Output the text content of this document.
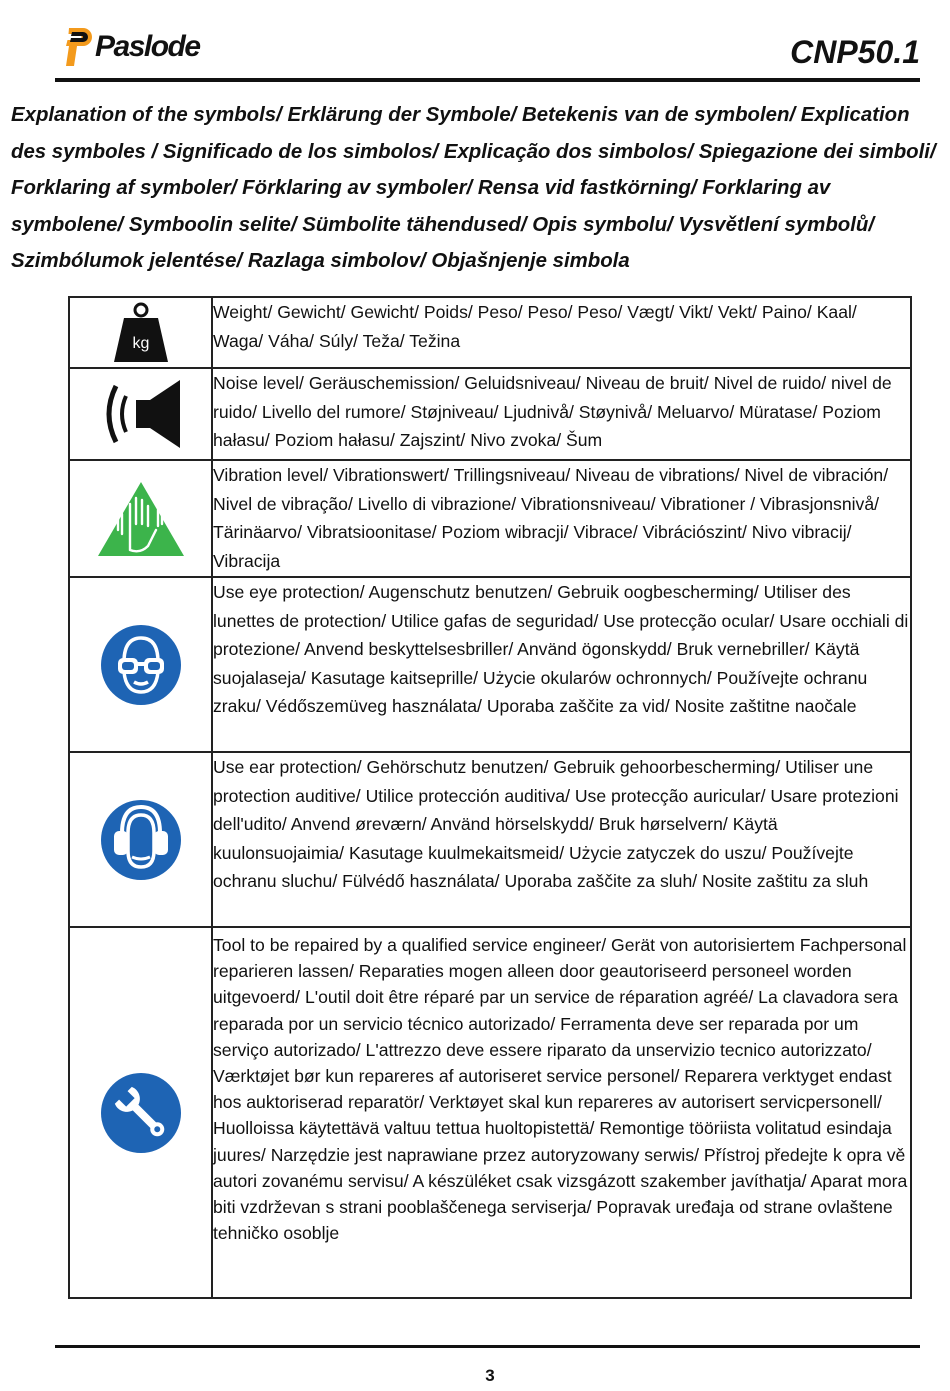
Paslode	CNP50.1
Explanation of the symbols/ Erklärung der Symbole/ Betekenis van de symbolen/ Explication des symboles / Significado de los simbolos/ Explicação dos simbolos/ Spiegazione dei simboli/ Forklaring af symboler/ Förklaring av symboler/ Rensa vid fastkörning/ Forklaring av symbolene/ Symboolin selite/ Sümbolite tähendused/ Opis symbolu/ Vysvětlení symbolů/ Szimbólumok jelentése/ Razlaga simbolov/ Objašnjenje simbola
kg	Weight/ Gewicht/ Gewicht/ Poids/ Peso/ Peso/ Peso/ Vægt/ Vikt/ Vekt/ Paino/ Kaal/ Waga/ Váha/ Súly/ Teža/ Težina

	Noise level/ Geräuschemission/ Geluidsniveau/ Niveau de bruit/ Nivel de ruido/ nivel de ruido/ Livello del rumore/ Støjniveau/ Ljudnivå/ Støynivå/ Meluarvo/ Müratase/ Poziom hałasu/ Poziom hałasu/ Zajszint/ Nivo zvoka/ Šum

	Vibration level/ Vibrationswert/ Trillingsniveau/ Niveau de vibrations/ Nivel de vibración/ Nivel de vibração/ Livello di vibrazione/ Vibrationsniveau/ Vibrationer / Vibrasjonsnivå/ Tärinäarvo/ Vibratsioonitase/ Poziom wibracji/ Vibrace/ Vibrációszint/ Nivo vibracij/ Vibracija

	Use eye protection/ Augenschutz benutzen/ Gebruik oogbescherming/ Utiliser des lunettes de protection/ Utilice gafas de seguridad/ Use protecção ocular/ Usare occhiali di protezione/ Anvend beskyttelsesbriller/ Använd ögonskydd/ Bruk vernebriller/ Käytä suojalaseja/ Kasutage kaitseprille/ Użycie okularów ochronnych/ Používejte ochranu zraku/ Védőszemüveg használata/ Uporaba zaščite za vid/ Nosite zaštitne naočale

	Use ear protection/ Gehörschutz benutzen/ Gebruik gehoorbescherming/ Utiliser une protection auditive/ Utilice protección auditiva/ Use protecção auricular/ Usare protezioni dell'udito/ Anvend øreværn/ Använd hörselskydd/ Bruk hørselvern/ Käytä kuulonsuojaimia/ Kasutage kuulmekaitsmeid/ Użycie zatyczek do uszu/ Používejte ochranu sluchu/ Fülvédő használata/ Uporaba zaščite za sluh/ Nosite zaštitu za sluh

	Tool to be repaired by a qualified service engineer/ Gerät von autorisiertem Fachpersonal reparieren lassen/ Reparaties mogen alleen door geautoriseerd personeel worden uitgevoerd/ L'outil doit être réparé par un service de réparation agréé/ La clavadora sera reparada por un servicio técnico autorizado/ Ferramenta deve ser reparada por um serviço autorizado/ L'attrezzo deve essere riparato da unservizio tecnico autorizzato/ Værktøjet bør kun repareres af autoriseret service personel/ Reparera verktyget endast hos auktoriserad reparatör/ Verktøyet skal kun repareres av autorisert servicpersonell/ Huolloissa käytettävä valtuu tettua huoltopistettä/ Remontige tööriista volitatud esindaja juures/ Narzędzie jest naprawiane przez autoryzowany serwis/ Přístroj předejte k opra vě autori zovanému servisu/ A készüléket csak vizsgázott szakember javíthatja/ Aparat mora biti vzdrževan s strani pooblaščenega serviserja/ Popravak uređaja od strane ovlaštene tehničko osoblje
3
